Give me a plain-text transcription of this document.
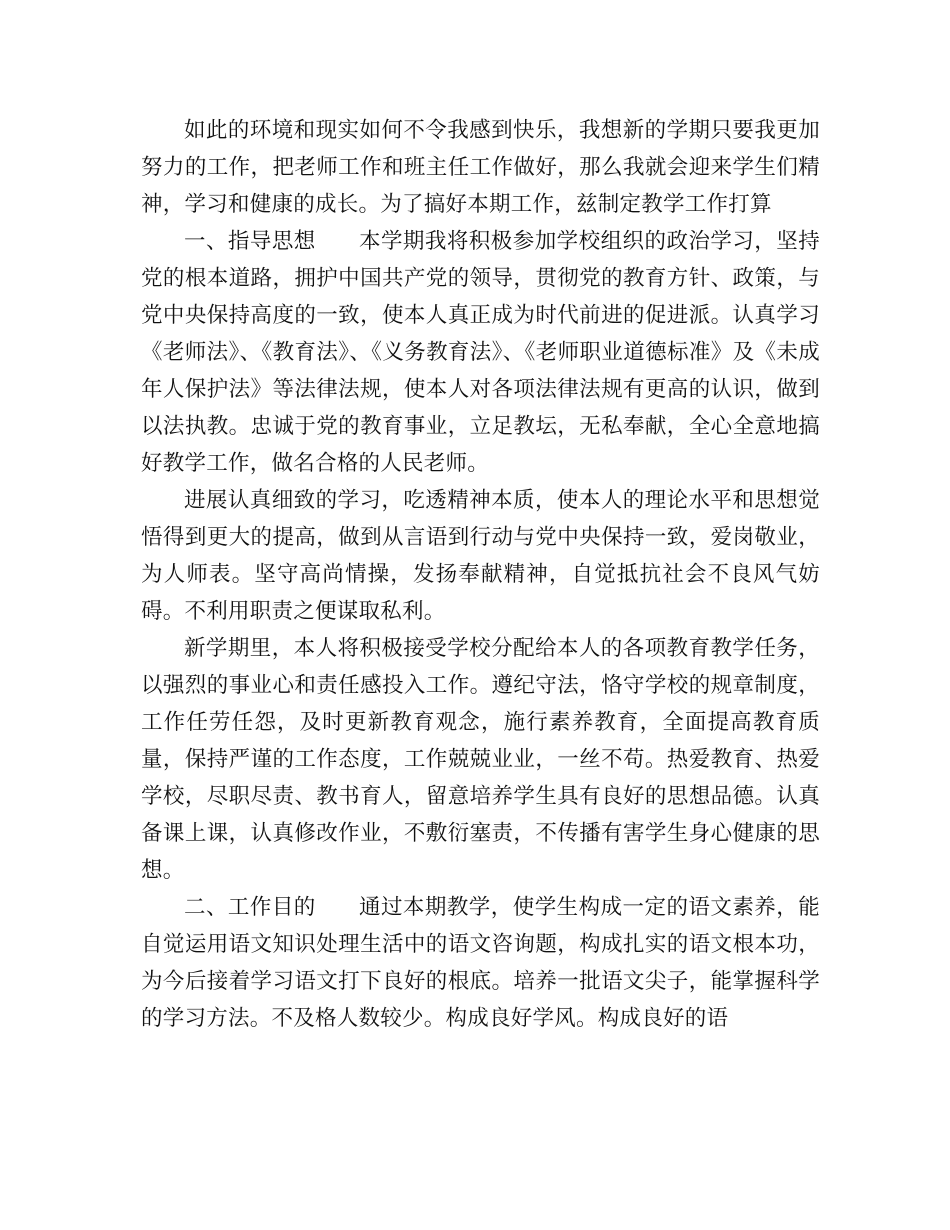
如此的环境和现实如何不令我感到快乐，我想新的学期只要我更加努力的工作，把老师工作和班主任工作做好，那么我就会迎来学生们精神，学习和健康的成长。为了搞好本期工作，兹制定教学工作打算

一、指导思想 本学期我将积极参加学校组织的政治学习，坚持党的根本道路，拥护中国共产党的领导，贯彻党的教育方针、政策，与党中央保持高度的一致，使本人真正成为时代前进的促进派。认真学习《老师法》、《教育法》、《义务教育法》、《老师职业道德标准》及《未成年人保护法》等法律法规，使本人对各项法律法规有更高的认识，做到以法执教。忠诚于党的教育事业，立足教坛，无私奉献，全心全意地搞好教学工作，做名合格的人民老师。

进展认真细致的学习，吃透精神本质，使本人的理论水平和思想觉悟得到更大的提高，做到从言语到行动与党中央保持一致，爱岗敬业，为人师表。坚守高尚情操，发扬奉献精神，自觉抵抗社会不良风气妨碍。不利用职责之便谋取私利。

新学期里，本人将积极接受学校分配给本人的各项教育教学任务，以强烈的事业心和责任感投入工作。遵纪守法，恪守学校的规章制度，工作任劳任怨，及时更新教育观念，施行素养教育，全面提高教育质量，保持严谨的工作态度，工作兢兢业业，一丝不苟。热爱教育、热爱学校，尽职尽责、教书育人，留意培养学生具有良好的思想品德。认真备课上课，认真修改作业，不敷衍塞责，不传播有害学生身心健康的思想。

二、工作目的 通过本期教学，使学生构成一定的语文素养，能自觉运用语文知识处理生活中的语文咨询题，构成扎实的语文根本功，为今后接着学习语文打下良好的根底。培养一批语文尖子，能掌握科学的学习方法。不及格人数较少。构成良好学风。构成良好的语
